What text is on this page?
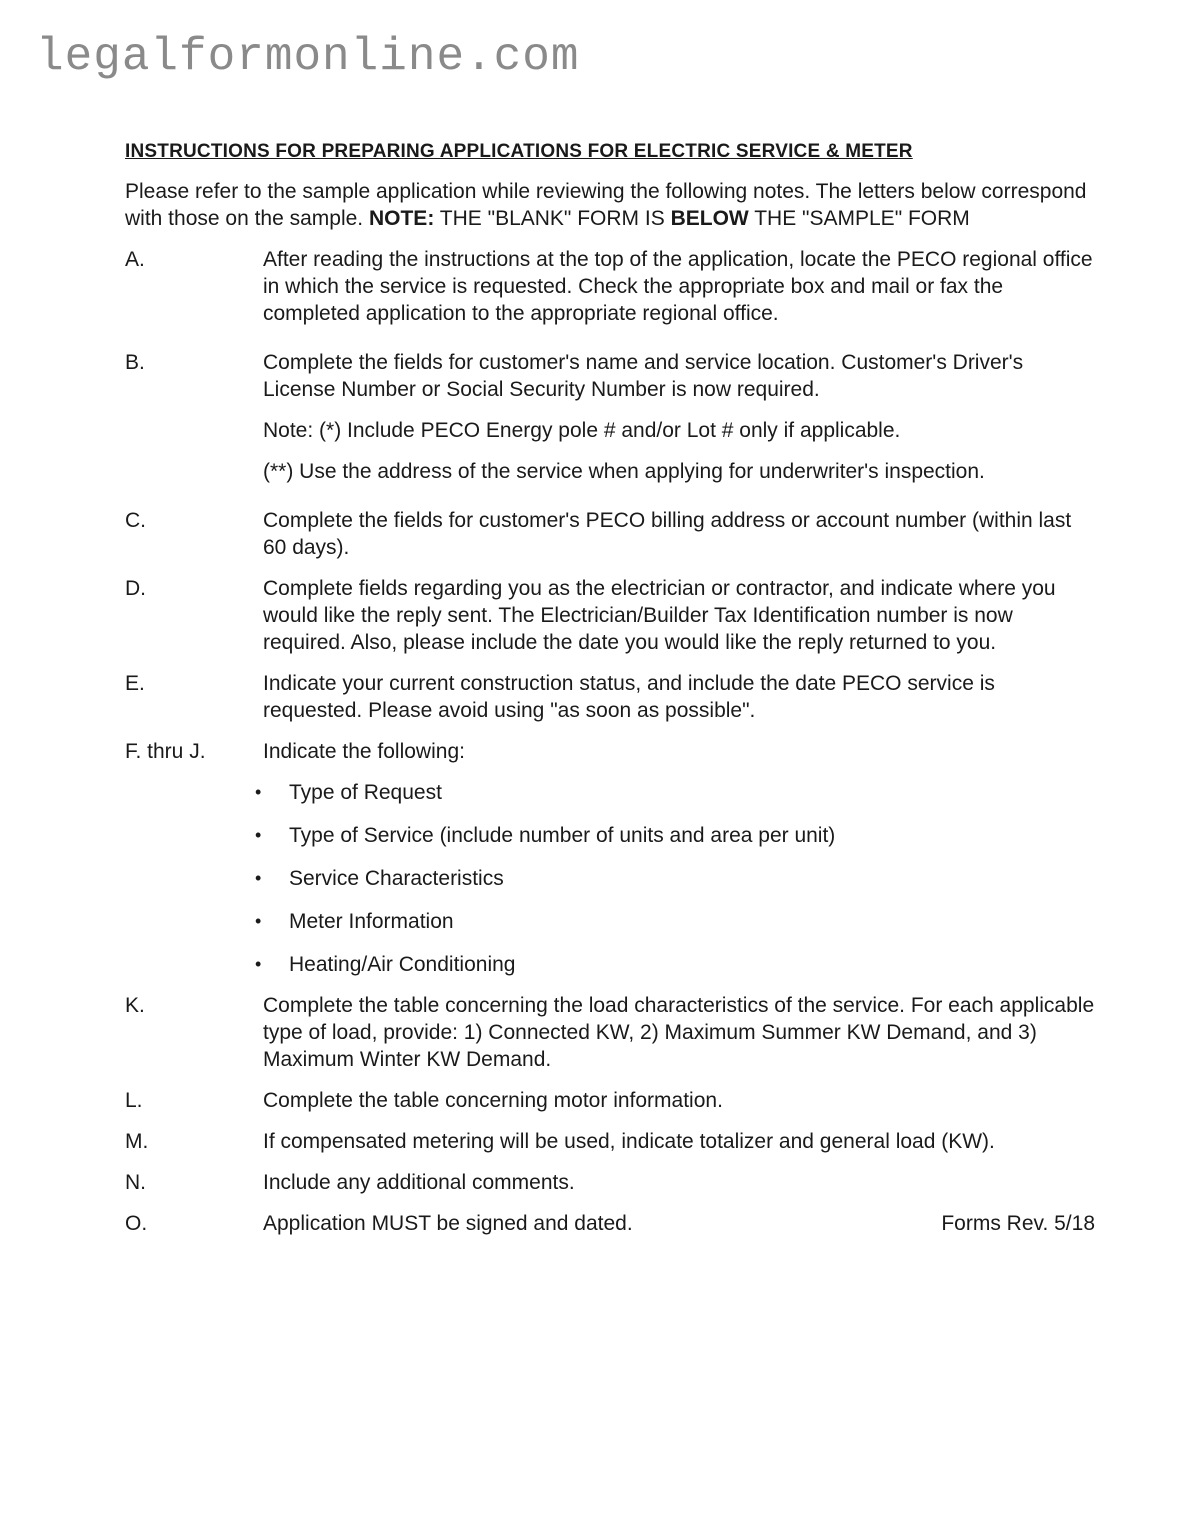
legalformonline.com
INSTRUCTIONS FOR PREPARING APPLICATIONS FOR ELECTRIC SERVICE & METER
Please refer to the sample application while reviewing the following notes. The letters below correspond with those on the sample. NOTE: THE "BLANK" FORM IS BELOW THE "SAMPLE" FORM
A.	After reading the instructions at the top of the application, locate the PECO regional office in which the service is requested. Check the appropriate box and mail or fax the completed application to the appropriate regional office.
B.	Complete the fields for customer's name and service location. Customer's Driver's License Number or Social Security Number is now required.

Note: (*) Include PECO Energy pole # and/or Lot # only if applicable.

(**) Use the address of the service when applying for underwriter's inspection.

C.	Complete the fields for customer's PECO billing address or account number (within last 60 days).
D.	Complete fields regarding you as the electrician or contractor, and indicate where you would like the reply sent. The Electrician/Builder Tax Identification number is now required. Also, please include the date you would like the reply returned to you.
E.	Indicate your current construction status, and include the date PECO service is requested. Please avoid using "as soon as possible".
F. thru J.	Indicate the following:
•	Type of Request
•	Type of Service (include number of units and area per unit)
•	Service Characteristics
•	Meter Information
•	Heating/Air Conditioning
K.	Complete the table concerning the load characteristics of the service. For each applicable type of load, provide: 1) Connected KW, 2) Maximum Summer KW Demand, and 3) Maximum Winter KW Demand.
L.	Complete the table concerning motor information.
M.	If compensated metering will be used, indicate totalizer and general load (KW).
N.	Include any additional comments.
O.	Application MUST be signed and dated.	Forms Rev. 5/18
